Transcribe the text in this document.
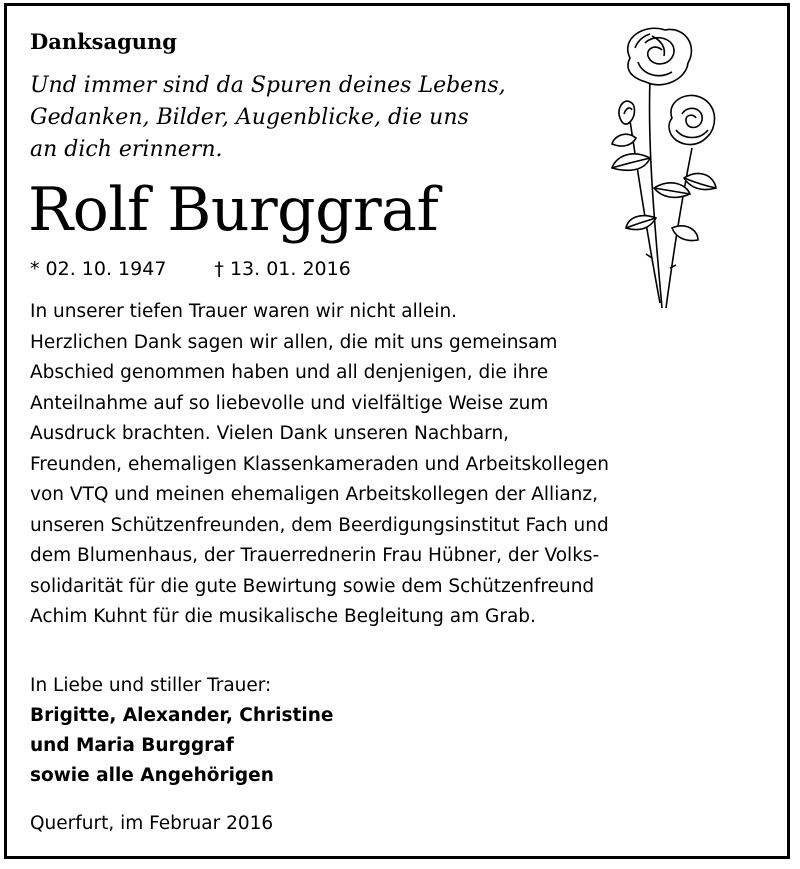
Danksagung
Und immer sind da Spuren deines Lebens,
Gedanken, Bilder, Augenblicke, die uns
an dich erinnern.
Rolf Burggraf
* 02. 10. 1947	† 13. 01. 2016
In unserer tiefen Trauer waren wir nicht allein.
Herzlichen Dank sagen wir allen, die mit uns gemeinsam
Abschied genommen haben und all denjenigen, die ihre
Anteilnahme auf so liebevolle und vielfältige Weise zum
Ausdruck brachten. Vielen Dank unseren Nachbarn,
Freunden, ehemaligen Klassenkameraden und Arbeitskollegen
von VTQ und meinen ehemaligen Arbeitskollegen der Allianz,
unseren Schützenfreunden, dem Beerdigungsinstitut Fach und
dem Blumenhaus, der Trauerrednerin Frau Hübner, der Volks-
solidarität für die gute Bewirtung sowie dem Schützenfreund
Achim Kuhnt für die musikalische Begleitung am Grab.
In Liebe und stiller Trauer:
Brigitte, Alexander, Christine
und Maria Burggraf
sowie alle Angehörigen
Querfurt, im Februar 2016
